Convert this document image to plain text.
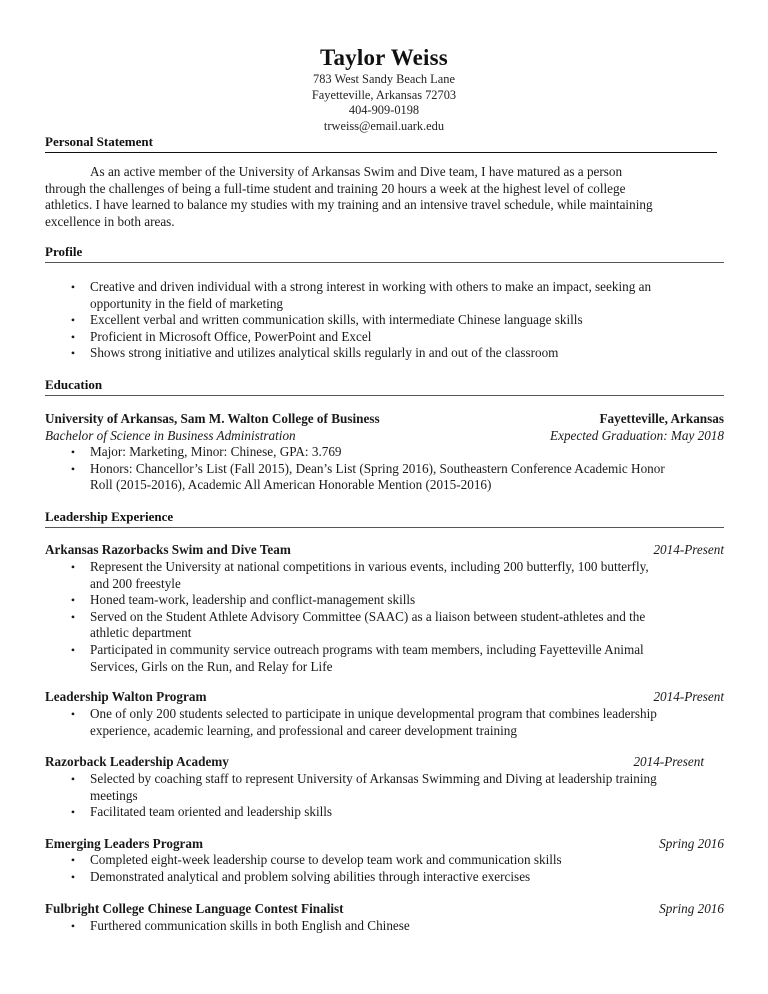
Taylor Weiss
783 West Sandy Beach Lane
Fayetteville, Arkansas 72703
404-909-0198
trweiss@email.uark.edu
Personal Statement
As an active member of the University of Arkansas Swim and Dive team, I have matured as a person
through the challenges of being a full-time student and training 20 hours a week at the highest level of college
athletics. I have learned to balance my studies with my training and an intensive travel schedule, while maintaining
excellence in both areas.
Profile
• Creative and driven individual with a strong interest in working with others to make an impact, seeking an
opportunity in the field of marketing
• Excellent verbal and written communication skills, with intermediate Chinese language skills
• Proficient in Microsoft Office, PowerPoint and Excel
• Shows strong initiative and utilizes analytical skills regularly in and out of the classroom
Education
University of Arkansas, Sam M. Walton College of Business	Fayetteville, Arkansas
Bachelor of Science in Business Administration	Expected Graduation: May 2018
• Major: Marketing, Minor: Chinese, GPA: 3.769
• Honors: Chancellor’s List (Fall 2015), Dean’s List (Spring 2016), Southeastern Conference Academic Honor
Roll (2015-2016), Academic All American Honorable Mention (2015-2016)
Leadership Experience
Arkansas Razorbacks Swim and Dive Team	2014-Present
• Represent the University at national competitions in various events, including 200 butterfly, 100 butterfly,
and 200 freestyle
• Honed team-work, leadership and conflict-management skills
• Served on the Student Athlete Advisory Committee (SAAC) as a liaison between student-athletes and the
athletic department
• Participated in community service outreach programs with team members, including Fayetteville Animal
Services, Girls on the Run, and Relay for Life
Leadership Walton Program	2014-Present
• One of only 200 students selected to participate in unique developmental program that combines leadership
experience, academic learning, and professional and career development training
Razorback Leadership Academy	2014-Present
• Selected by coaching staff to represent University of Arkansas Swimming and Diving at leadership training
meetings
• Facilitated team oriented and leadership skills
Emerging Leaders Program	Spring 2016
• Completed eight-week leadership course to develop team work and communication skills
• Demonstrated analytical and problem solving abilities through interactive exercises
Fulbright College Chinese Language Contest Finalist	Spring 2016
• Furthered communication skills in both English and Chinese
